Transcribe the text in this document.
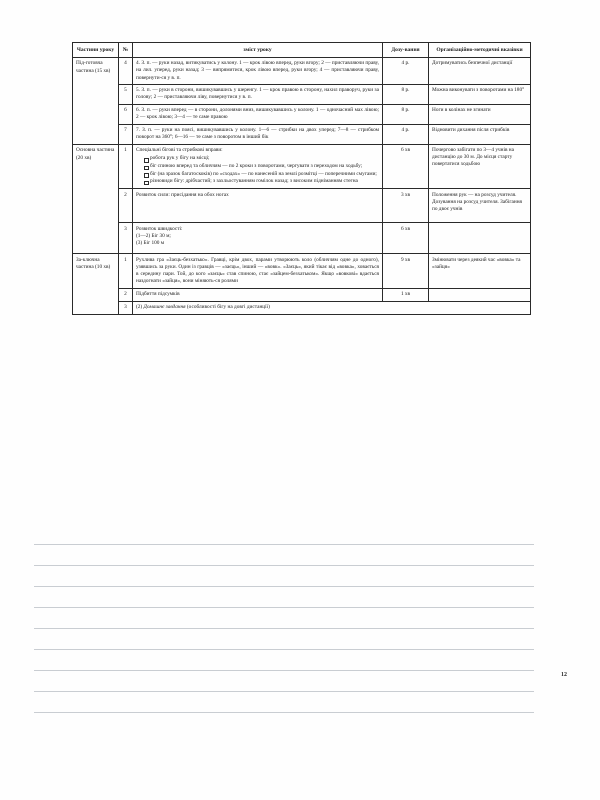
Частини уроку	№	зміст уроку	Дозу-вання	Організаційно-методичні вказівки
Під-готовча частина (15 хв)	4	4. З. п. — руки назад, витикуватись у колону. 1 — крок лівою вперед, руки вгору; 2 — приставляючи праву, на лил. уперед, руки назад; 3 — випрямитися, крок лівою вперед, руки вгору; 4 — приставляючи праву, повернути-ся у в. п.	4 р.	Дотримуватись безпечної дистанції
	5	5. З. п. — руки в сторони, вишикувавшись у шеренгу. 1 — крок правою в сторону, нахил праворуч, руки за голову; 2 — приставляючи ліву, повернутися у в. п.	8 р.	Можна виконувати з поворотами на 180°
	6	6. З. п. — руки вперед — в сторони, долонями вниз, вишикувавшись у колону. 1 — одночасний мах лівою; 2 — крок лівою; 3—4 — те саме правою	8 р.	Ноги в колінах не згинати
	7	7. З. п. — руки на поясі, вишикувавшись у колону. 1—6 — стрибки на двох уперед; 7—8 — стрибком поворот на 360°; 6—16 — те саме з поворотом в інший бік	4 р.	Відновити дихання після стрибків
Основна частина (20 хв)	1	Спеціальні бігові та стрибкові вправи:
робота рук у бігу на місці;
біг спиною вперед та обличчям — по 2 кроки з поворотами, чергувати з переходом на ходьбу;
біг (на зразок багатоскоків) по «сходах» — по нанесеній на землі розмітці — поперечними смугами;
різновиди бігу: дрібчастий; з захльостуванням гомілок назад; з високим підніманням стегна
	6 хв	Почергово забігати по 3—4 учнів на дистанцію до 30 м. До місця старту повертатися ходьбою
	2	Розвиток сили: присідання на обох ногах	3 хв	Положення рук — на розсуд учителя. Дозування на розсуд учителя. Забігання по двоє учнів
	3	Розвиток швидкості:
(1—2) Біг 30 м;
(3) Біг 100 м	6 хв	
За-ключна частина (10 хв)	1	Рухлива гра «Заєць-безхатько». Гравці, крім двох, парами утворюють коло (обличчям одне до одного), узявшись за руки. Один із гравців — «заєць», інший — «вовк». «Заєць», який тікає від «вовка», ховається в середину пари. Той, до кого «заєць» став спиною, стає «зайцем-безхатьком». Якщо «вовкові» вдається наздогнати «зайця», вони міняють-ся ролями	9 хв	Змінювати через деякий час «вовка» та «зайця»
	2	Підбиття підсумків	1 хв	
	3	(2) Домашнє завдання (особливості бігу на довгі дистанції)		
12
